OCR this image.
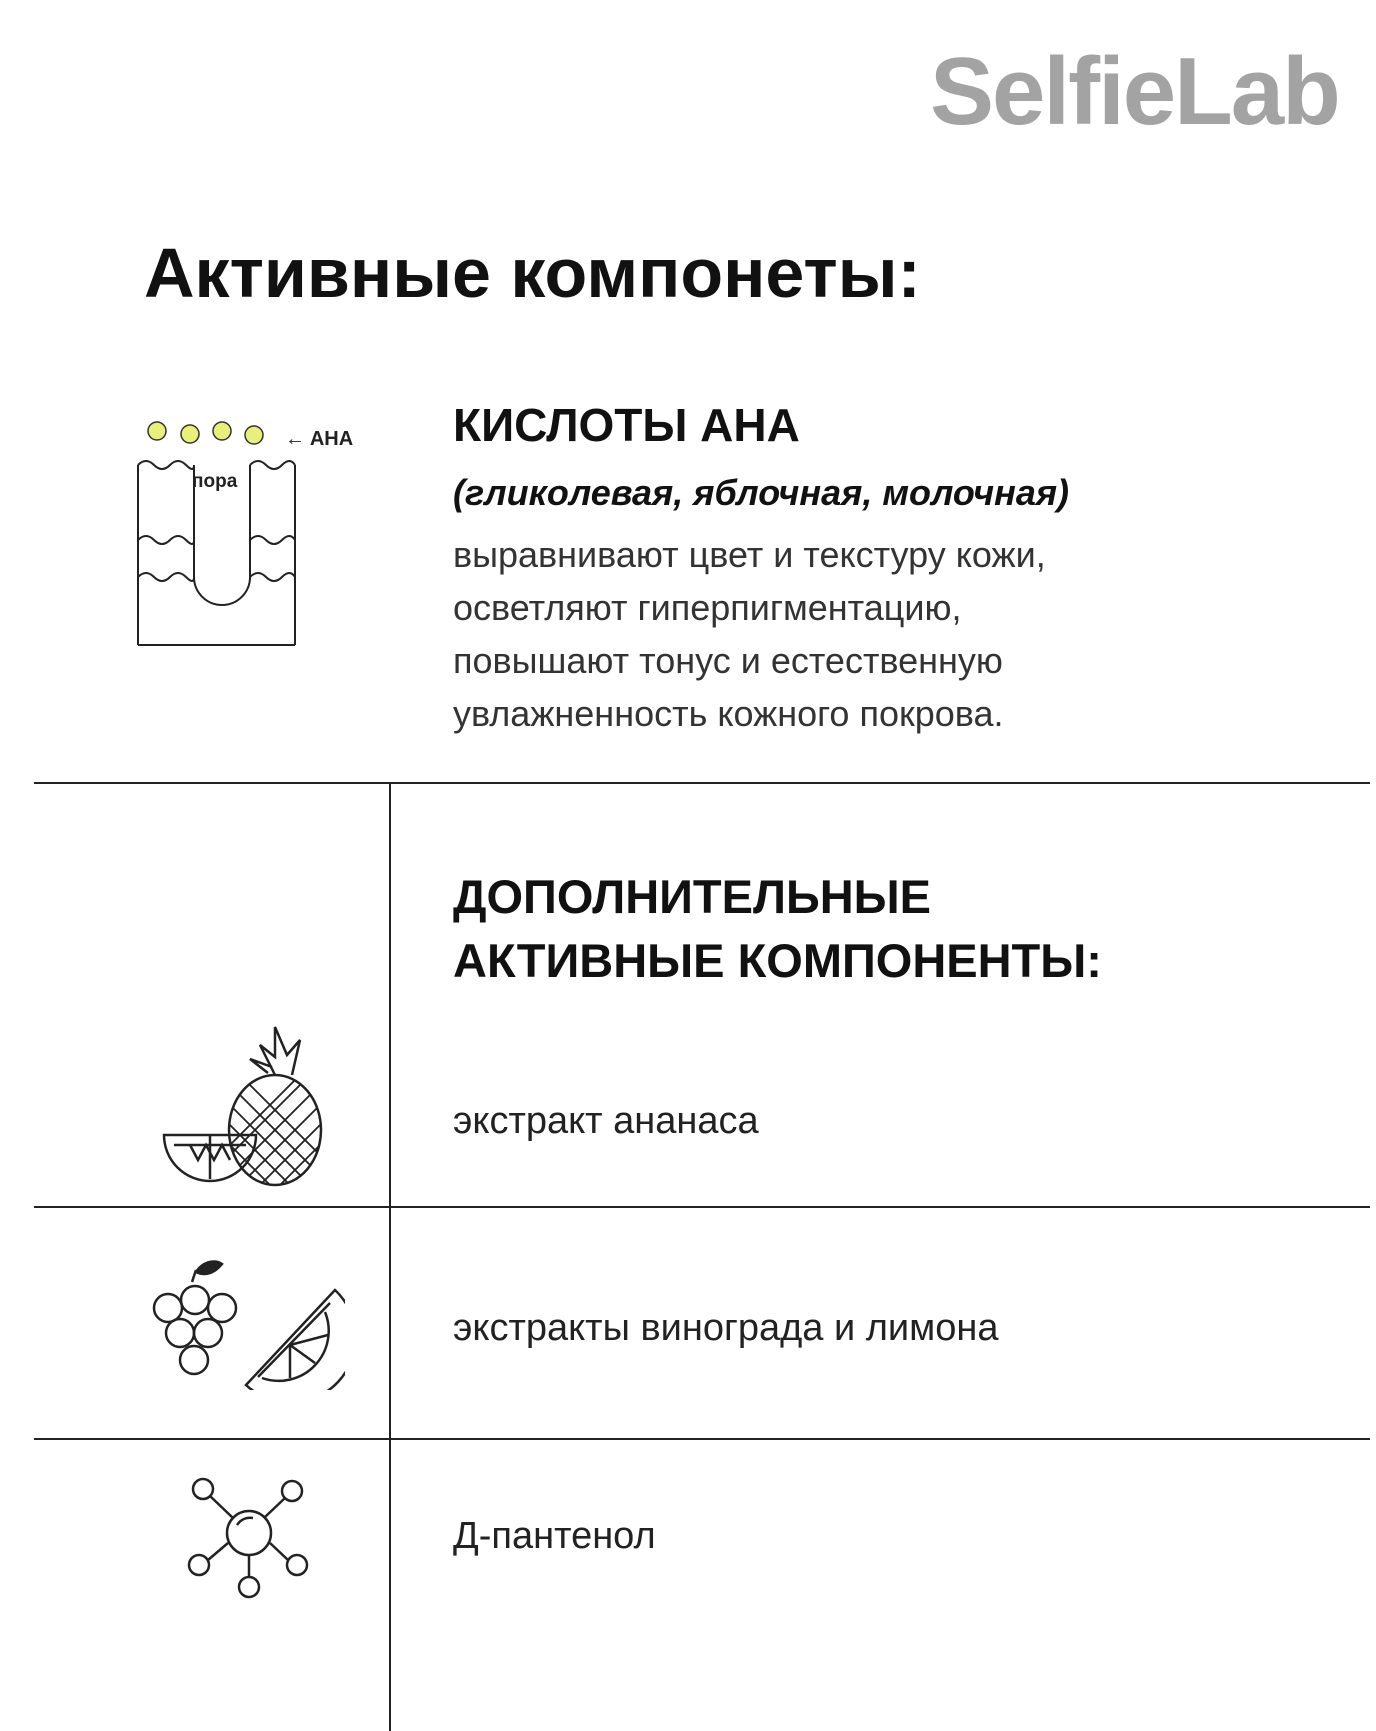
SelfieLab
Активные компонеты:
← AHA
пора
КИСЛОТЫ АНА
(гликолевая, яблочная, молочная)
выравнивают цвет и текстуру кожи,
осветляют гиперпигментацию,
повышают тонус и естественную
увлажненность кожного покрова.
ДОПОЛНИТЕЛЬНЫЕ
АКТИВНЫЕ КОМПОНЕНТЫ:
экстракт ананаса
экстракты винограда и лимона
Д-пантенол
